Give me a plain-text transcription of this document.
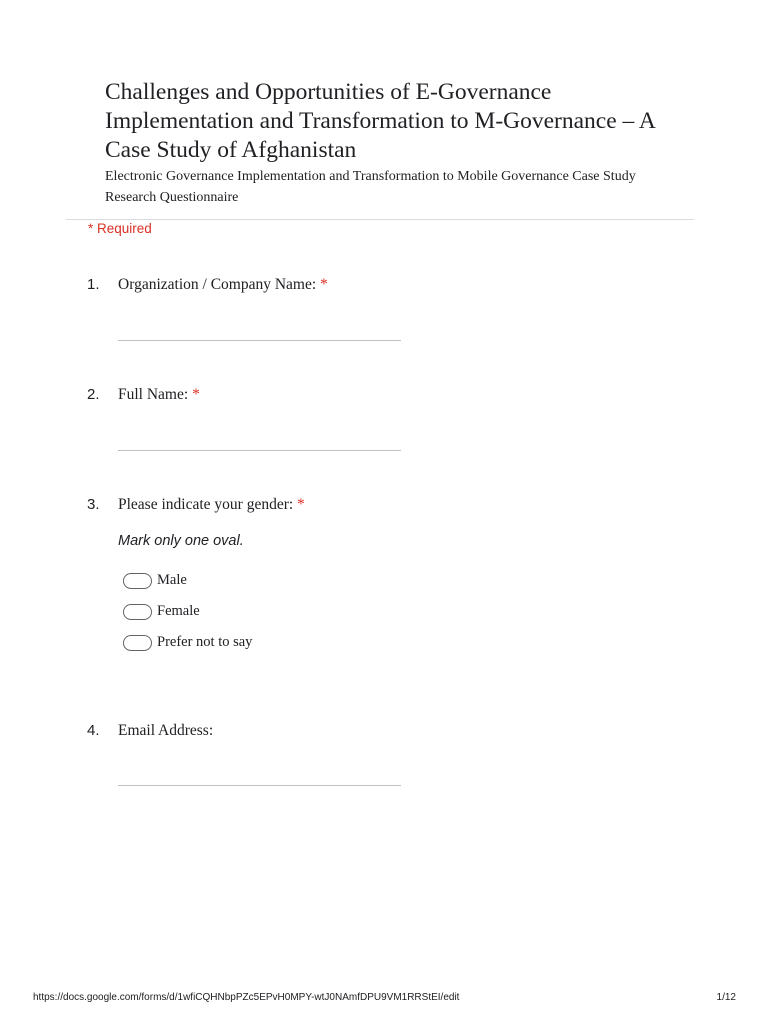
Challenges and Opportunities of E-Governance Implementation and Transformation to M-Governance – A Case Study of Afghanistan
Electronic Governance Implementation and Transformation to Mobile Governance Case Study Research Questionnaire
* Required
1. Organization / Company Name: *
2. Full Name: *
3. Please indicate your gender: *
Mark only one oval.
Male
Female
Prefer not to say
4. Email Address:
https://docs.google.com/forms/d/1wfiCQHNbpPZc5EPvH0MPY-wtJ0NAmfDPU9VM1RRStEI/edit	1/12
